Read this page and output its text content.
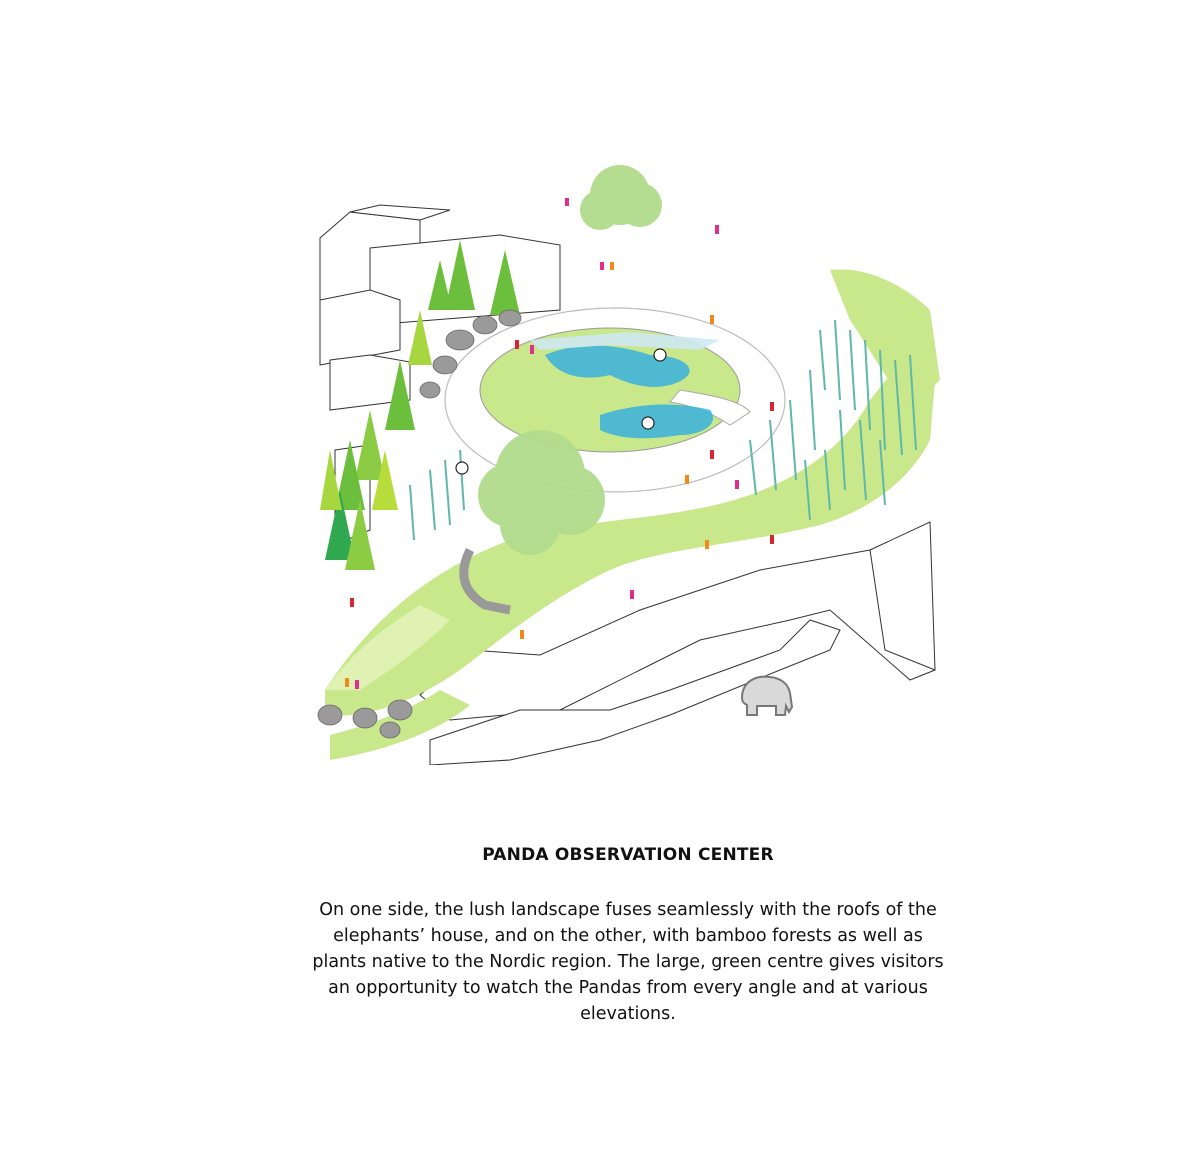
PANDA OBSERVATION CENTER
On one side, the lush landscape fuses seamlessly with the roofs of the elephants’ house, and on the other, with bamboo forests as well as plants native to the Nordic region. The large, green centre gives visitors an opportunity to watch the Pandas from every angle and at various elevations.
